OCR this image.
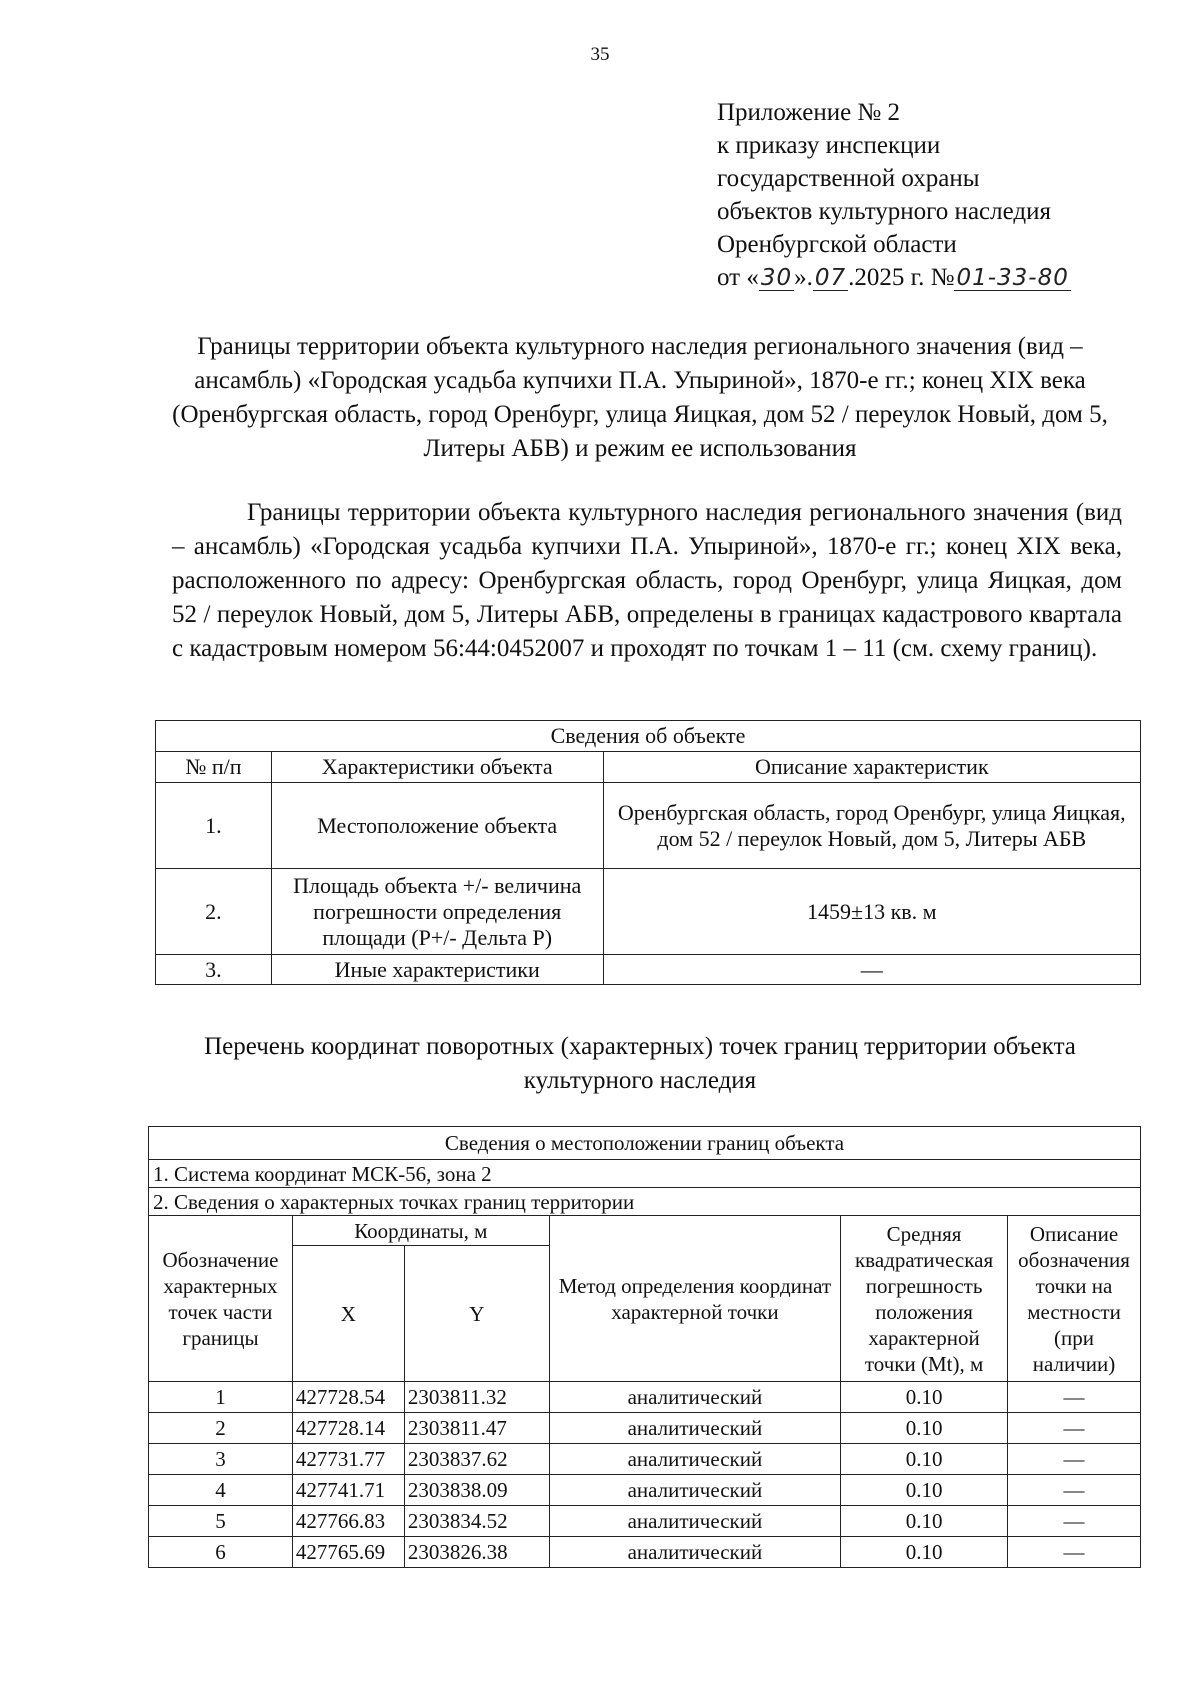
35
Приложение № 2
к приказу инспекции
государственной охраны
объектов культурного наследия
Оренбургской области
от «30».07.2025 г. №01-33-80
Границы территории объекта культурного наследия регионального значения (вид – ансамбль) «Городская усадьба купчихи П.А. Упыриной», 1870-е гг.; конец XIX века (Оренбургская область, город Оренбург, улица Яицкая, дом 52 / переулок Новый, дом 5, Литеры АБВ) и режим ее использования
Границы территории объекта культурного наследия регионального значения (вид – ансамбль) «Городская усадьба купчихи П.А. Упыриной», 1870-е гг.; конец XIX века, расположенного по адресу: Оренбургская область, город Оренбург, улица Яицкая, дом 52 / переулок Новый, дом 5, Литеры АБВ, определены в границах кадастрового квартала с кадастровым номером 56:44:0452007 и проходят по точкам 1 – 11 (см. схему границ).
Сведения об объекте		
№ п/п	Характеристики объекта	Описание характеристик
1.	Местоположение объекта	Оренбургская область, город Оренбург, улица Яицкая, дом 52 / переулок Новый, дом 5, Литеры АБВ
2.	Площадь объекта +/- величина погрешности определения площади (P+/- Дельта P)	1459±13 кв. м
3.	Иные характеристики	—
Перечень координат поворотных (характерных) точек границ территории объекта культурного наследия
Сведения о местоположении границ объекта					
1. Система координат МСК-56, зона 2					
2. Сведения о характерных точках границ территории					
Обозначение характерных точек части границы	Координаты, м		Метод определения координат характерной точки	Средняя квадратическая погрешность положения характерной точки (Mt), м	Описание обозначения точки на местности (при наличии)
	X	Y			
1	427728.54	2303811.32	аналитический	0.10	—
2	427728.14	2303811.47	аналитический	0.10	—
3	427731.77	2303837.62	аналитический	0.10	—
4	427741.71	2303838.09	аналитический	0.10	—
5	427766.83	2303834.52	аналитический	0.10	—
6	427765.69	2303826.38	аналитический	0.10	—
